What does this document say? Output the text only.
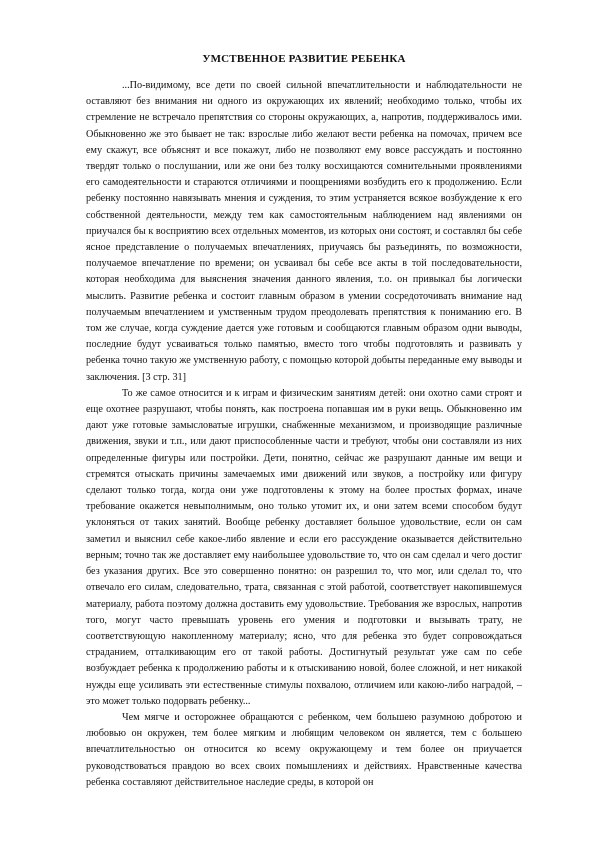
УМСТВЕННОЕ РАЗВИТИЕ РЕБЕНКА

...По-видимому, все дети по своей сильной впечатлительности и наблюдательности не оставляют без внимания ни одного из окружающих их явлений; необходимо только, чтобы их стремление не встречало препятствия со стороны окружающих, а, напротив, поддерживалось ими. Обыкновенно же это бывает не так: взрослые либо желают вести ребенка на помочах, причем все ему скажут, все объяснят и все покажут, либо не позволяют ему вовсе рассуждать и постоянно твердят только о послушании, или же они без толку восхищаются сомнительными проявлениями его самодеятельности и стараются отличиями и поощрениями возбудить его к продолжению. Если ребенку постоянно навязывать мнения и суждения, то этим устраняется всякое возбуждение к его собственной деятельности, между тем как самостоятельным наблюдением над явлениями он приучался бы к восприятию всех отдельных моментов, из которых они состоят, и составлял бы себе ясное представление о получаемых впечатлениях, приучаясь бы разъединять, по возможности, получаемое впечатление по времени; он усваивал бы себе все акты в той последовательности, которая необходима для выяснения значения данного явления, т.о. он привыкал бы логически мыслить. Развитие ребенка и состоит главным образом в умении сосредоточивать внимание над получаемым впечатлением и умственным трудом преодолевать препятствия к пониманию его. В том же случае, когда суждение дается уже готовым и сообщаются главным образом одни выводы, последние будут усваиваться только памятью, вместо того чтобы подготовлять и развивать у ребенка точно такую же умственную работу, с помощью которой добыты переданные ему выводы и заключения. [3 стр. 31]

То же самое относится и к играм и физическим занятиям детей: они охотно сами строят и еще охотнее разрушают, чтобы понять, как построена попавшая им в руки вещь. Обыкновенно им дают уже готовые замысловатые игрушки, снабженные механизмом, и производящие различные движения, звуки и т.п., или дают приспособленные части и требуют, чтобы они составляли из них определенные фигуры или постройки. Дети, понятно, сейчас же разрушают данные им вещи и стремятся отыскать причины замечаемых ими движений или звуков, а постройку или фигуру сделают только тогда, когда они уже подготовлены к этому на более простых формах, иначе требование окажется невыполнимым, оно только утомит их, и они затем всеми способом будут уклоняться от таких занятий. Вообще ребенку доставляет большое удовольствие, если он сам заметил и выяснил себе какое-либо явление и если его рассуждение оказывается действительно верным; точно так же доставляет ему наибольшее удовольствие то, что он сам сделал и чего достиг без указания других. Все это совершенно понятно: он разрешил то, что мог, или сделал то, что отвечало его силам, следовательно, трата, связанная с этой работой, соответствует накопившемуся материалу, работа поэтому должна доставить ему удовольствие. Требования же взрослых, напротив того, могут часто превышать уровень его умения и подготовки и вызывать трату, не соответствующую накопленному материалу; ясно, что для ребенка это будет сопровождаться страданием, отталкивающим его от такой работы. Достигнутый результат уже сам по себе возбуждает ребенка к продолжению работы и к отыскиванию новой, более сложной, и нет никакой нужды еще усиливать эти естественные стимулы похвалою, отличием или какою-либо наградой, – это может только подорвать ребенку...

Чем мягче и осторожнее обращаются с ребенком, чем большею разумною добротою и любовью он окружен, тем более мягким и любящим человеком он является, тем с большею впечатлительностью он относится ко всему окружающему и тем более он приучается руководствоваться правдою во всех своих помышлениях и действиях. Нравственные качества ребенка составляют действительное наследие среды, в которой он
